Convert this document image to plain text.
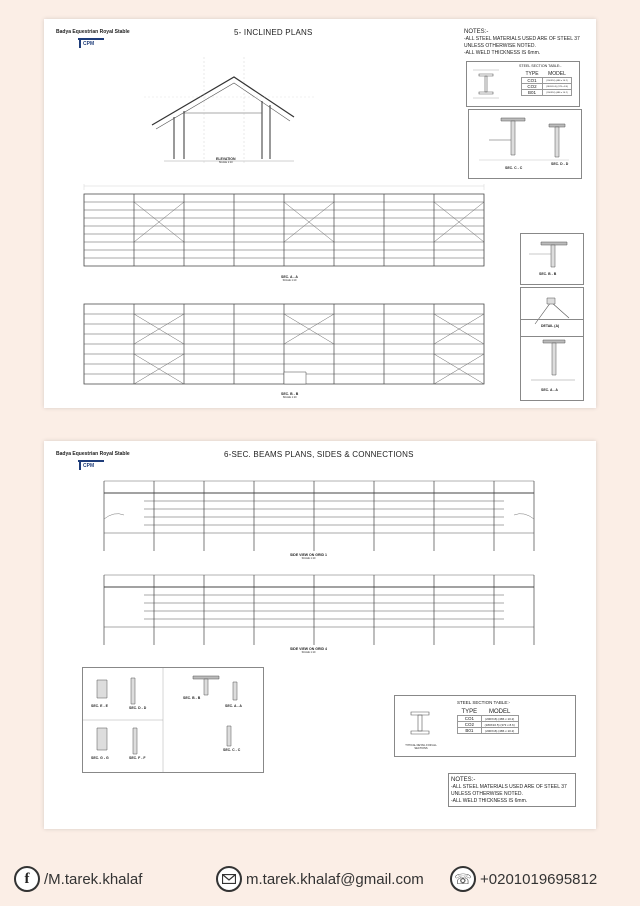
Badya Equestrian Royal Stable
CPM
5- INCLINED PLANS	NOTES:-
-ALL STEEL MATERIALS USED ARE OF STEEL 37
UNLESS OTHERWISE NOTED.
-ALL WELD THICKNESS IS 6mm.
STEEL SECTION TABLE:-
TYPE	MODEL
CO1	(200X16) (486 x 10.2)
CO2	(180X10.5) (373 x 8.6)
B01	(200X16) (486 x 10.2)
SEC. C - C
SEC. D - D
ELEVATION
SCALE 1:10
SEC. A - A
SCALE 1:10
SEC. B - B
SCALE 1:10
SEC. B - B
DETAIL (A)
SEC. A - A
Badya Equestrian Royal Stable
CPM
6-SEC. BEAMS PLANS, SIDES & CONNECTIONS
SIDE VIEW ON GRID 1
SCALE 1:10
SIDE VIEW ON GRID 4
SCALE 1:10
SEC. E - E	SEC. D - D
SEC. B - B
SEC. A - A
SEC. G - G	SEC. F - F
SEC. C - C
TYPICAL DETAIL FOR ALL SECTIONS
STEEL SECTION TABLE:-
TYPE	MODEL
CO1	(200X16) (486 x 10.2)
CO2	(180X10.5) (373 x 8.6)
B01	(200X16) (486 x 10.2)
NOTES:-
-ALL STEEL MATERIALS USED ARE OF STEEL 37
UNLESS OTHERWISE NOTED.
-ALL WELD THICKNESS IS 6mm.
f /M.tarek.khalaf	m.tarek.khalaf@gmail.com ☏ +0201019695812
